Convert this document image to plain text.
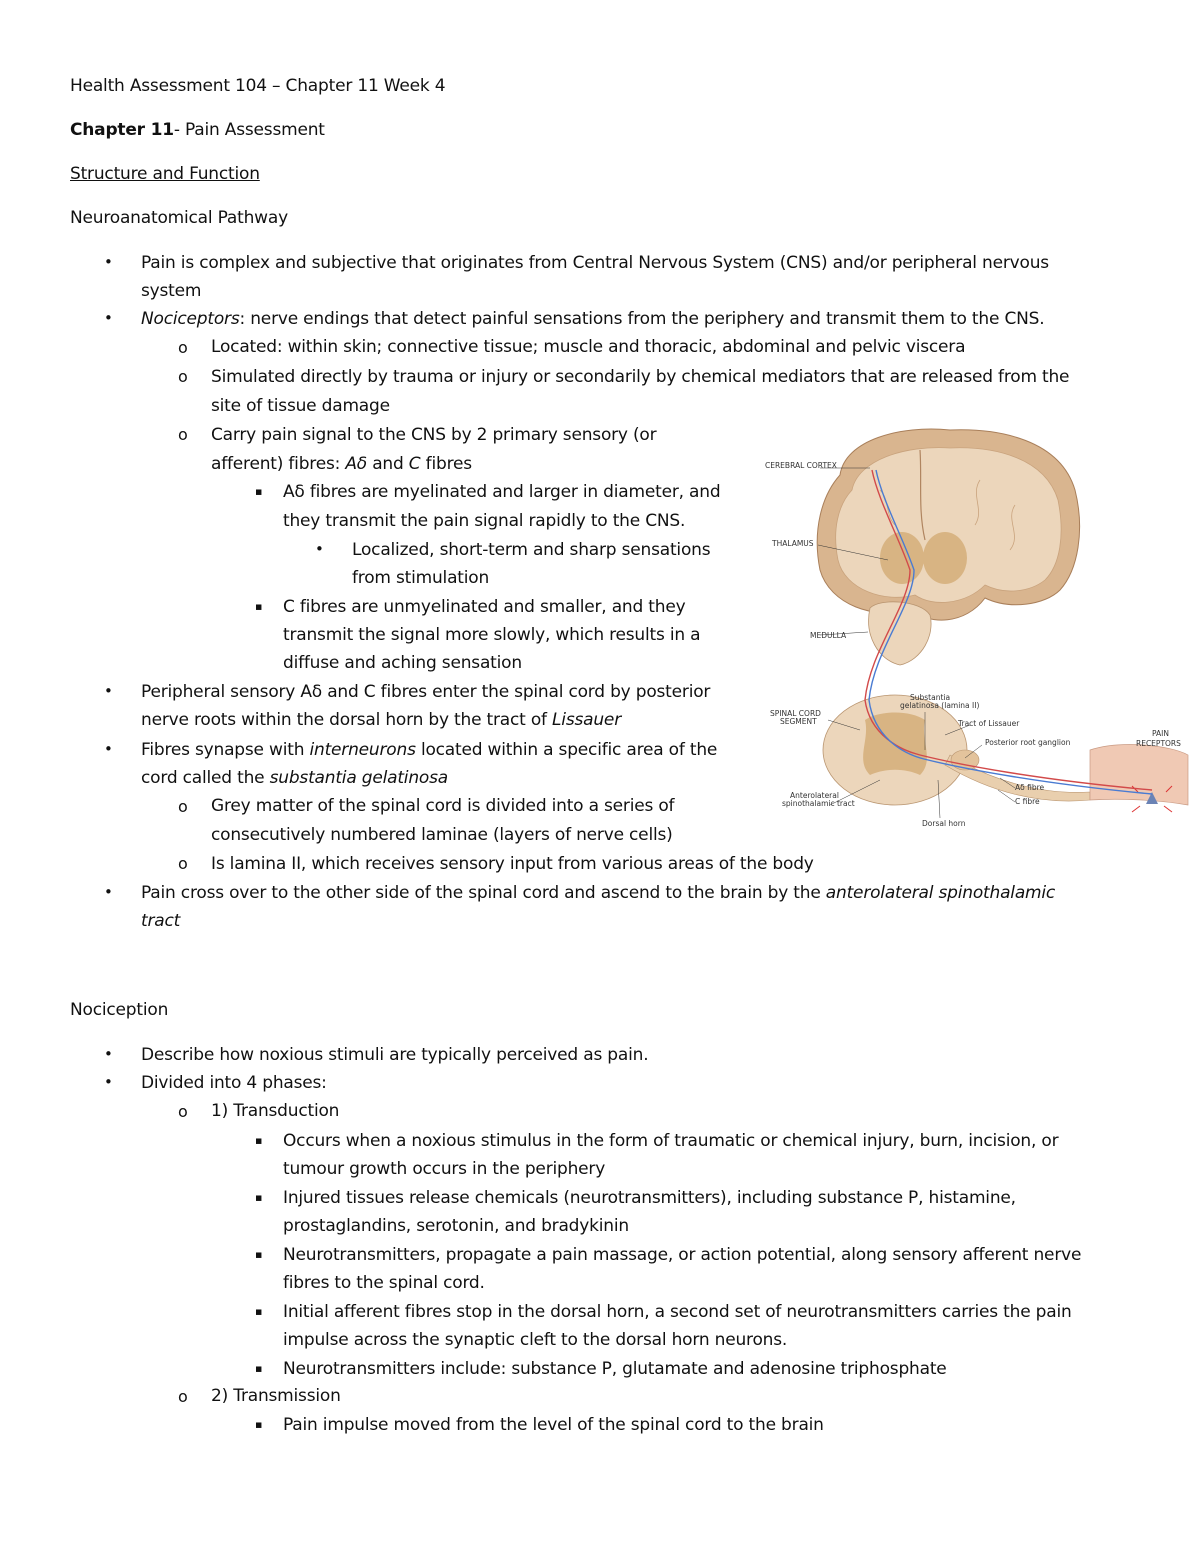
Health Assessment 104 – Chapter 11 Week 4
Chapter 11- Pain Assessment
Structure and Function
Neuroanatomical Pathway
• Pain is complex and subjective that originates from Central Nervous System (CNS) and/or peripheral nervous
system
• Nociceptors: nerve endings that detect painful sensations from the periphery and transmit them to the CNS.
o Located: within skin; connective tissue; muscle and thoracic, abdominal and pelvic viscera
o Simulated directly by trauma or injury or secondarily by chemical mediators that are released from the
site of tissue damage
o Carry pain signal to the CNS by 2 primary sensory (or
afferent) fibres: Aδ and C fibres
▪ Aδ fibres are myelinated and larger in diameter, and
they transmit the pain signal rapidly to the CNS.
• Localized, short-term and sharp sensations
from stimulation
▪ C fibres are unmyelinated and smaller, and they
transmit the signal more slowly, which results in a
diffuse and aching sensation
• Peripheral sensory Aδ and C fibres enter the spinal cord by posterior
nerve roots within the dorsal horn by the tract of Lissauer
• Fibres synapse with interneurons located within a specific area of the
cord called the substantia gelatinosa
o Grey matter of the spinal cord is divided into a series of
consecutively numbered laminae (layers of nerve cells)
o Is lamina II, which receives sensory input from various areas of the body
• Pain cross over to the other side of the spinal cord and ascend to the brain by the anterolateral spinothalamic
tract
Nociception
• Describe how noxious stimuli are typically perceived as pain.
• Divided into 4 phases:
o 1) Transduction
▪ Occurs when a noxious stimulus in the form of traumatic or chemical injury, burn, incision, or
tumour growth occurs in the periphery
▪ Injured tissues release chemicals (neurotransmitters), including substance P, histamine,
prostaglandins, serotonin, and bradykinin
▪ Neurotransmitters, propagate a pain massage, or action potential, along sensory afferent nerve
fibres to the spinal cord.
▪ Initial afferent fibres stop in the dorsal horn, a second set of neurotransmitters carries the pain
impulse across the synaptic cleft to the dorsal horn neurons.
▪ Neurotransmitters include: substance P, glutamate and adenosine triphosphate
o 2) Transmission
▪ Pain impulse moved from the level of the spinal cord to the brain
CEREBRAL CORTEX
THALAMUS
MEDULLA
SPINAL CORD
SEGMENT
Substantia
gelatinosa (lamina II)
Tract of Lissauer
Posterior root ganglion
Aδ fibre
C fibre
Anterolateral
spinothalamic tract
Dorsal horn
PAIN
RECEPTORS
